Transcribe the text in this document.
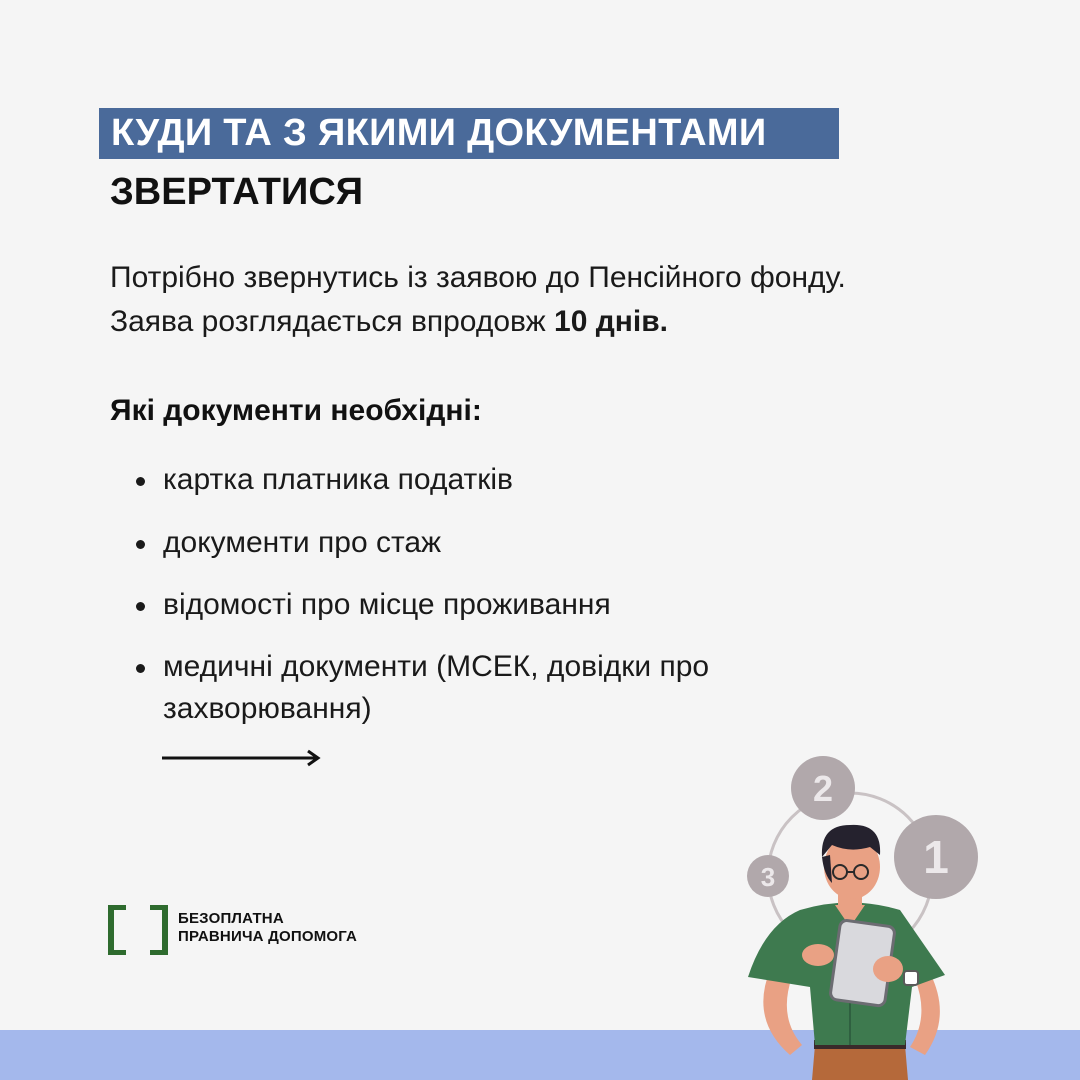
КУДИ ТА З ЯКИМИ ДОКУМЕНТАМИ
ЗВЕРТАТИСЯ
Потрібно звернутись із заявою до Пенсійного фонду.
Заява розглядається впродовж 10 днів.
Які документи необхідні:
картка платника податків
документи про стаж
відомості про місце проживання
медичні документи (МСЕК, довідки про захворювання)
БЕЗОПЛАТНА
ПРАВНИЧА ДОПОМОГА
2
1
3
